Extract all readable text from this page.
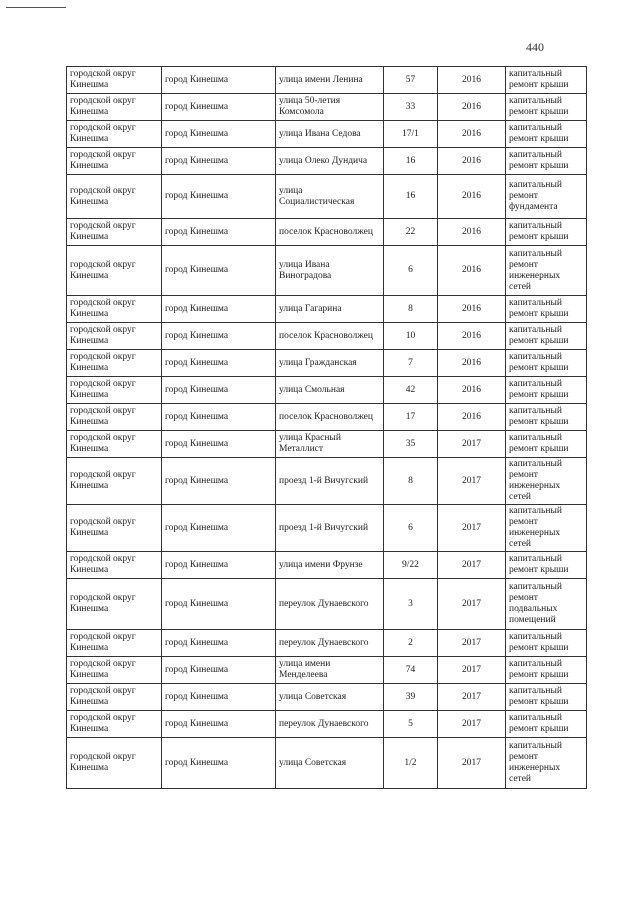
440
городской округ Кинешма	город Кинешма	улица имени Ленина	57	2016	капитальный ремонт крыши
городской округ Кинешма	город Кинешма	улица 50-летия Комсомола	33	2016	капитальный ремонт крыши
городской округ Кинешма	город Кинешма	улица Ивана Седова	17/1	2016	капитальный ремонт крыши
городской округ Кинешма	город Кинешма	улица Олеко Дундича	16	2016	капитальный ремонт крыши
городской округ Кинешма	город Кинешма	улица Социалистическая	16	2016	капитальный ремонт фундамента
городской округ Кинешма	город Кинешма	поселок Красноволжец	22	2016	капитальный ремонт крыши
городской округ Кинешма	город Кинешма	улица Ивана Виноградова	6	2016	капитальный ремонт инженерных сетей
городской округ Кинешма	город Кинешма	улица Гагарина	8	2016	капитальный ремонт крыши
городской округ Кинешма	город Кинешма	поселок Красноволжец	10	2016	капитальный ремонт крыши
городской округ Кинешма	город Кинешма	улица Гражданская	7	2016	капитальный ремонт крыши
городской округ Кинешма	город Кинешма	улица Смольная	42	2016	капитальный ремонт крыши
городской округ Кинешма	город Кинешма	поселок Красноволжец	17	2016	капитальный ремонт крыши
городской округ Кинешма	город Кинешма	улица Красный Металлист	35	2017	капитальный ремонт крыши
городской округ Кинешма	город Кинешма	проезд 1-й Вичугский	8	2017	капитальный ремонт инженерных сетей
городской округ Кинешма	город Кинешма	проезд 1-й Вичугский	6	2017	капитальный ремонт инженерных сетей
городской округ Кинешма	город Кинешма	улица имени Фрунзе	9/22	2017	капитальный ремонт крыши
городской округ Кинешма	город Кинешма	переулок Дунаевского	3	2017	капитальный ремонт подвальных помещений
городской округ Кинешма	город Кинешма	переулок Дунаевского	2	2017	капитальный ремонт крыши
городской округ Кинешма	город Кинешма	улица имени Менделеева	74	2017	капитальный ремонт крыши
городской округ Кинешма	город Кинешма	улица Советская	39	2017	капитальный ремонт крыши
городской округ Кинешма	город Кинешма	переулок Дунаевского	5	2017	капитальный ремонт крыши
городской округ Кинешма	город Кинешма	улица Советская	1/2	2017	капитальный ремонт инженерных сетей
